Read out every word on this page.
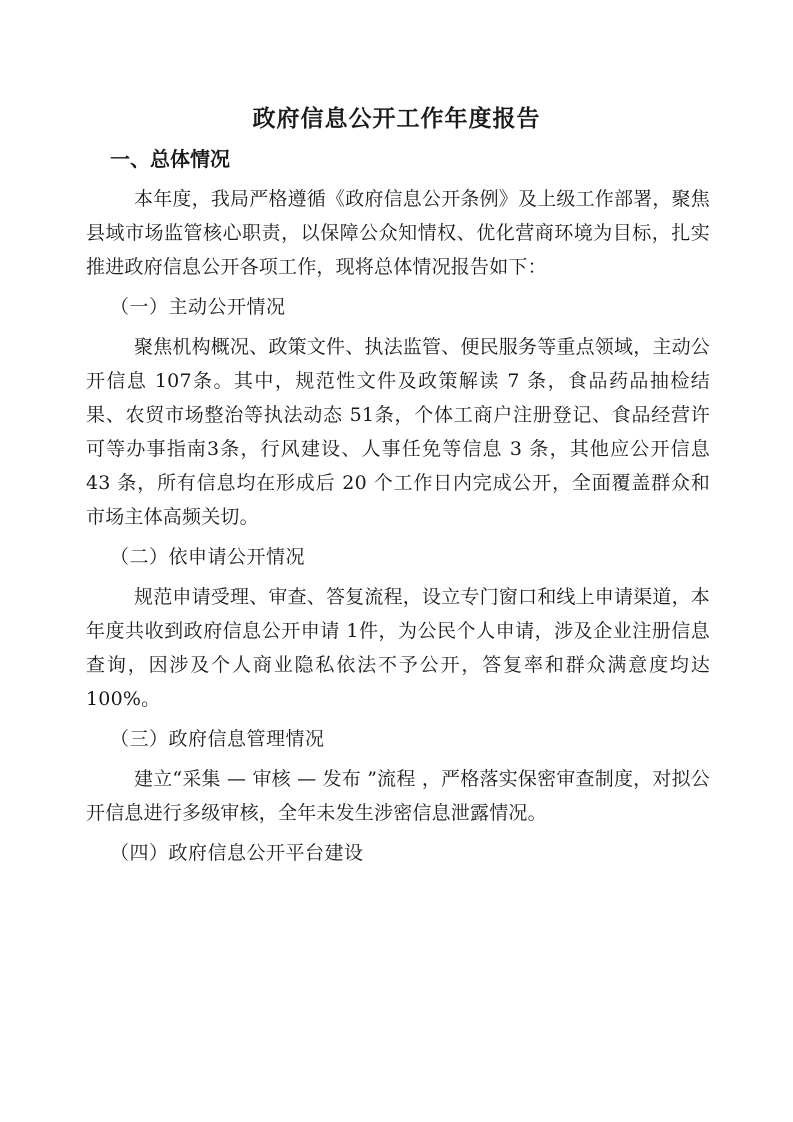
政府信息公开工作年度报告
一、总体情况

本年度，我局严格遵循《政府信息公开条例》及上级工作部署，聚焦县域市场监管核心职责，以保障公众知情权、优化营商环境为目标，扎实推进政府信息公开各项工作，现将总体情况报告如下：

（一）主动公开情况

聚焦机构概况、政策文件、执法监管、便民服务等重点领域，主动公开信息 107条。其中，规范性文件及政策解读 7 条，食品药品抽检结果、农贸市场整治等执法动态 51条，个体工商户注册登记、食品经营许可等办事指南3条，行风建设、人事任免等信息 3 条，其他应公开信息 43 条，所有信息均在形成后 20 个工作日内完成公开，全面覆盖群众和市场主体高频关切。

（二）依申请公开情况

规范申请受理、审查、答复流程，设立专门窗口和线上申请渠道，本年度共收到政府信息公开申请 1件，为公民个人申请，涉及企业注册信息查询，因涉及个人商业隐私依法不予公开，答复率和群众满意度均达 100%。

（三）政府信息管理情况

建立“采集 — 审核 — 发布 ”流程 ，严格落实保密审查制度，对拟公开信息进行多级审核，全年未发生涉密信息泄露情况。

（四）政府信息公开平台建设
